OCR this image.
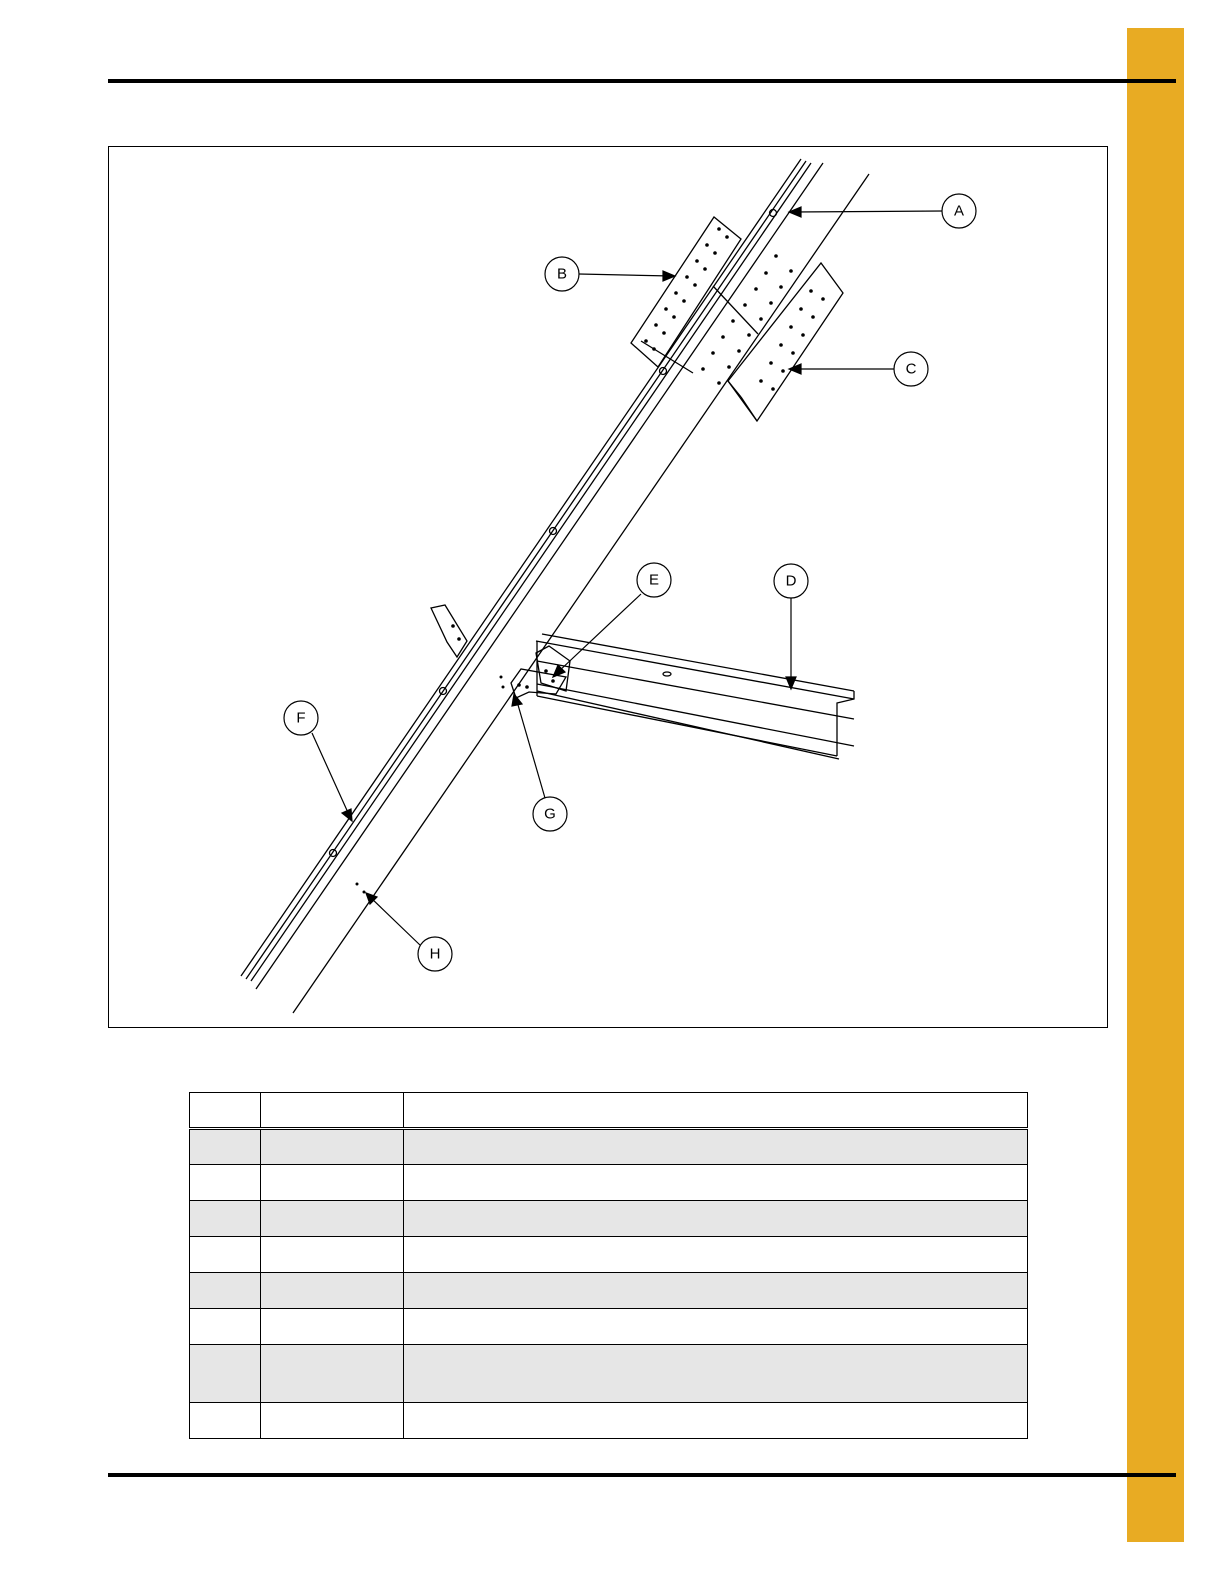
A
B
C
D
E
F
G
H
